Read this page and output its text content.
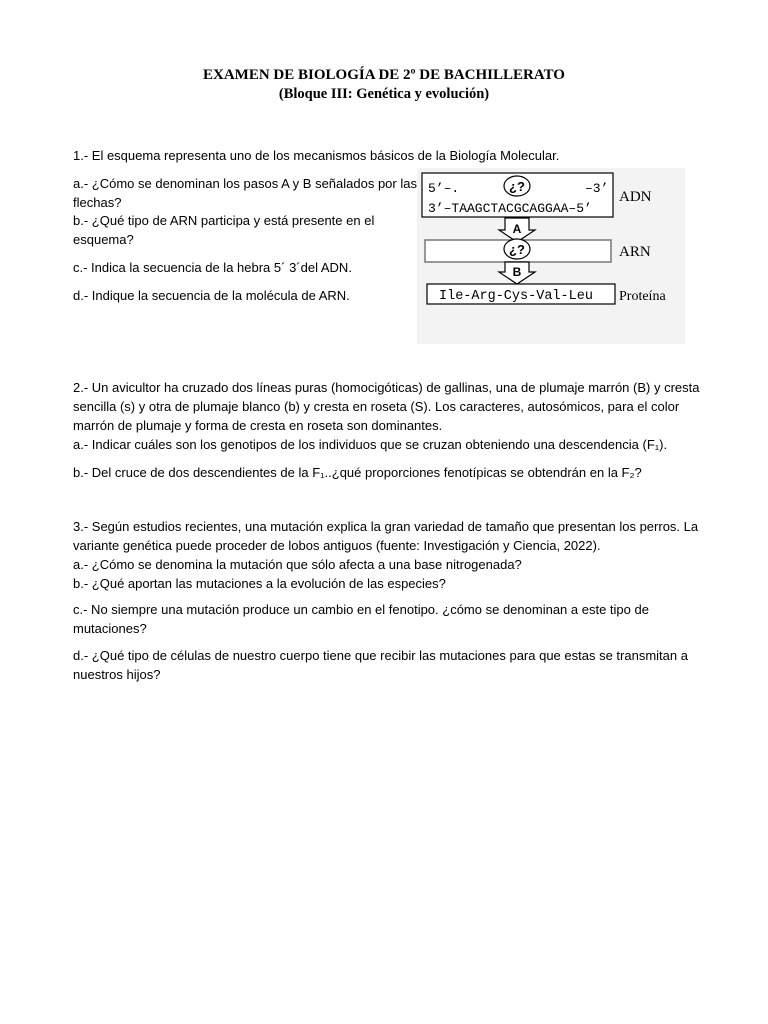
EXAMEN DE BIOLOGÍA DE 2º DE BACHILLERATO
(Bloque III: Genética y evolución)
1.- El esquema representa uno de los mecanismos básicos de la Biología Molecular.
a.- ¿Cómo se denominan los pasos A y B señalados por las
flechas?
b.- ¿Qué tipo de ARN participa y está presente en el
esquema?
c.- Indica la secuencia de la hebra 5´ 3´del ADN.
d.- Indique la secuencia de la molécula de ARN.
¿?
5’–.	–3’
3’–TAAGCTACGCAGGAA–5’
ADN
A
¿?	ARN
B
Ile-Arg-Cys-Val-Leu Proteína
2.- Un avicultor ha cruzado dos líneas puras (homocigóticas) de gallinas, una de plumaje marrón (B) y cresta
sencilla (s) y otra de plumaje blanco (b) y cresta en roseta (S). Los caracteres, autosómicos, para el color
marrón de plumaje y forma de cresta en roseta son dominantes.
a.- Indicar cuáles son los genotipos de los individuos que se cruzan obteniendo una descendencia (F₁).
b.- Del cruce de dos descendientes de la F₁..¿qué proporciones fenotípicas se obtendrán en la F₂?
3.- Según estudios recientes, una mutación explica la gran variedad de tamaño que presentan los perros. La
variante genética puede proceder de lobos antiguos (fuente: Investigación y Ciencia, 2022).
a.- ¿Cómo se denomina la mutación que sólo afecta a una base nitrogenada?
b.- ¿Qué aportan las mutaciones a la evolución de las especies?
c.- No siempre una mutación produce un cambio en el fenotipo. ¿cómo se denominan a este tipo de
mutaciones?
d.- ¿Qué tipo de células de nuestro cuerpo tiene que recibir las mutaciones para que estas se transmitan a
nuestros hijos?
